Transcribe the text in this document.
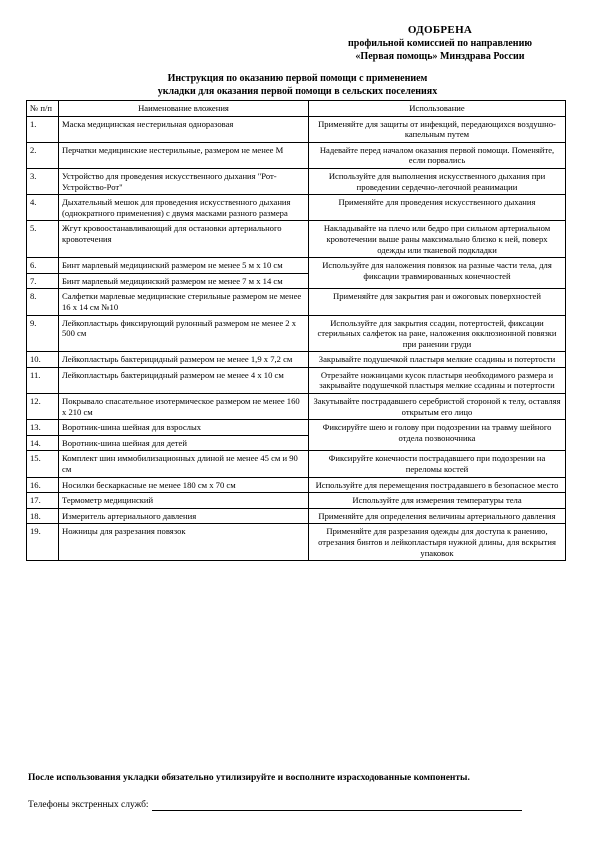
ОДОБРЕНА
профильной комиссией по направлению
«Первая помощь» Минздрава России
Инструкция по оказанию первой помощи с применением
укладки для оказания первой помощи в сельских поселениях
№ п/п	Наименование вложения	Использование
1.	Маска медицинская нестерильная одноразовая	Применяйте для защиты от инфекций, передающихся воздушно-капельным путем
2.	Перчатки медицинские нестерильные, размером не менее М	Надевайте перед началом оказания первой помощи. Поменяйте, если порвались
3.	Устройство для проведения искусственного дыхания "Рот-Устройство-Рот"	Используйте для выполнения искусственного дыхания при проведении сердечно-легочной реанимации
4.	Дыхательный мешок для проведения искусственного дыхания (однократного применения) с двумя масками разного размера	Применяйте для проведения искусственного дыхания
5.	Жгут кровоостанавливающий для остановки артериального кровотечения	Накладывайте на плечо или бедро при сильном артериальном кровотечении выше раны максимально близко к ней, поверх одежды или тканевой подкладки
6.	Бинт марлевый медицинский размером не менее 5 м х 10 см	Используйте для наложения повязок на разные части тела, для фиксации травмированных конечностей
7.	Бинт марлевый медицинский размером не менее 7 м х 14 см	
8.	Салфетки марлевые медицинские стерильные размером не менее 16 х 14 см №10	Применяйте для закрытия ран и ожоговых поверхностей
9.	Лейкопластырь фиксирующий рулонный размером не менее 2 х 500 см	Используйте для закрытия ссадин, потертостей, фиксации стерильных салфеток на ране, наложения окклюзионной повязки при ранении груди
10.	Лейкопластырь бактерицидный размером не менее 1,9 х 7,2 см	Закрывайте подушечкой пластыря мелкие ссадины и потертости
11.	Лейкопластырь бактерицидный размером не менее 4 х 10 см	Отрезайте ножницами кусок пластыря необходимого размера и закрывайте подушечкой пластыря мелкие ссадины и потертости
12.	Покрывало спасательное изотермическое размером не менее 160 х 210 см	Закутывайте пострадавшего серебристой стороной к телу, оставляя открытым его лицо
13.	Воротник-шина шейная для взрослых	Фиксируйте шею и голову при подозрении на травму шейного отдела позвоночника
14.	Воротник-шина шейная для детей	
15.	Комплект шин иммобилизационных длиной не менее 45 см и 90 см	Фиксируйте конечности пострадавшего при подозрении на переломы костей
16.	Носилки бескаркасные не менее 180 см х 70 см	Используйте для перемещения пострадавшего в безопасное место
17.	Термометр медицинский	Используйте для измерения температуры тела
18.	Измеритель артериального давления	Применяйте для определения величины артериального давления
19.	Ножницы для разрезания повязок	Применяйте для разрезания одежды для доступа к ранению, отрезания бинтов и лейкопластыря нужной длины, для вскрытия упаковок
После использования укладки обязательно утилизируйте и восполните израсходованные компоненты.
Телефоны экстренных служб:
